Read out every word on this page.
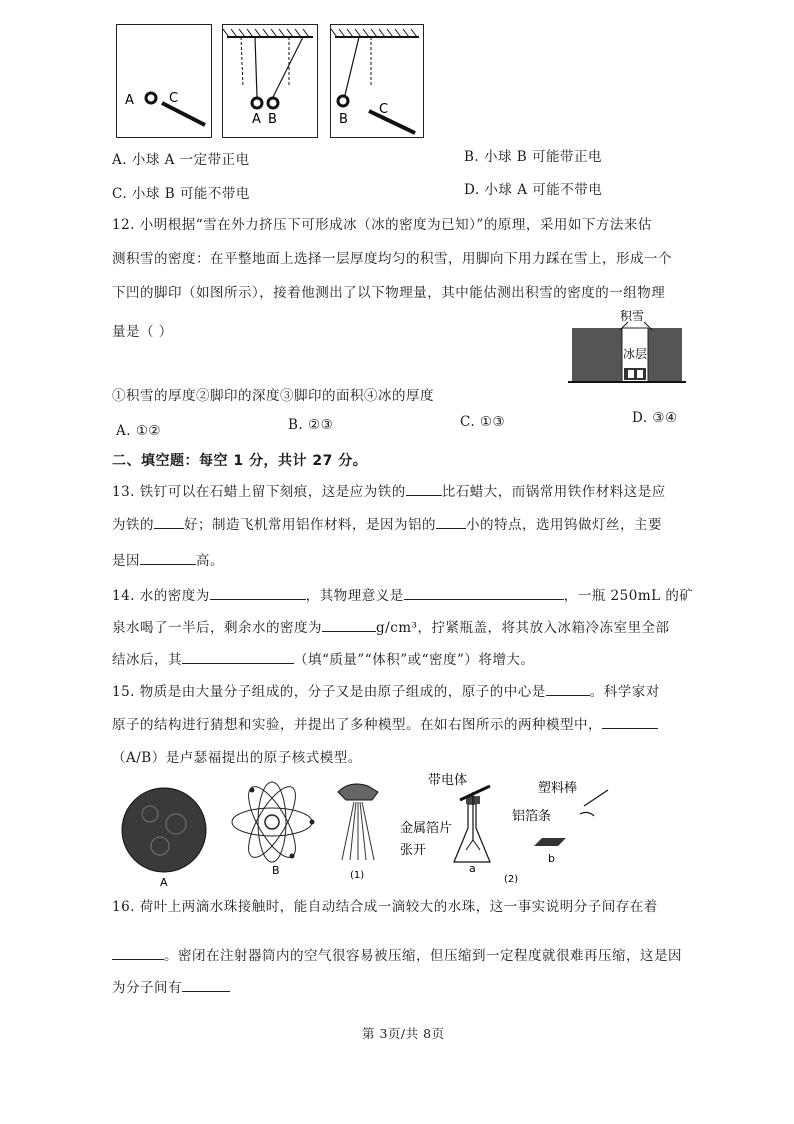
A	C
A B	B
C
A. 小球 A 一定带正电	B. 小球 B 可能带正电
C. 小球 B 可能不带电	D. 小球 A 可能不带电
12. 小明根据“雪在外力挤压下可形成冰（冰的密度为已知）”的原理，采用如下方法来估
测积雪的密度：在平整地面上选择一层厚度均匀的积雪，用脚向下用力踩在雪上，形成一个
下凹的脚印（如图所示），接着他测出了以下物理量，其中能估测出积雪的密度的一组物理
量是（ ）
积雪
冰层
①积雪的厚度②脚印的深度③脚印的面积④冰的厚度
A. ①②	B. ②③	C. ①③	D. ③④
二、填空题：每空 1 分，共计 27 分。
13. 铁钉可以在石蜡上留下刻痕，这是应为铁的	比石蜡大，而锅常用铁作材料这是应
为铁的 好；制造飞机常用铝作材料，是因为铝的 小的特点，选用钨做灯丝，主要
是因	高。
14. 水的密度为	，其物理意义是	，一瓶 250mL 的矿
泉水喝了一半后，剩余水的密度为	g/cm³，拧紧瓶盖，将其放入冰箱冷冻室里全部
结冰后，其	（填“质量”“体积”或“密度”）将增大。
15. 物质是由大量分子组成的，分子又是由原子组成的，原子的中心是	。科学家对
原子的结构进行猜想和实验，并提出了多种模型。在如右图所示的两种模型中，
（A/B）是卢瑟福提出的原子核式模型。
A
B	(1)
带电体
金属箔片
张开
a
塑料棒
铝箔条
b
(2)
16. 荷叶上两滴水珠接触时，能自动结合成一滴较大的水珠，这一事实说明分子间存在着
。密闭在注射器筒内的空气很容易被压缩，但压缩到一定程度就很难再压缩，这是因
为分子间有
第 3页/共 8页
